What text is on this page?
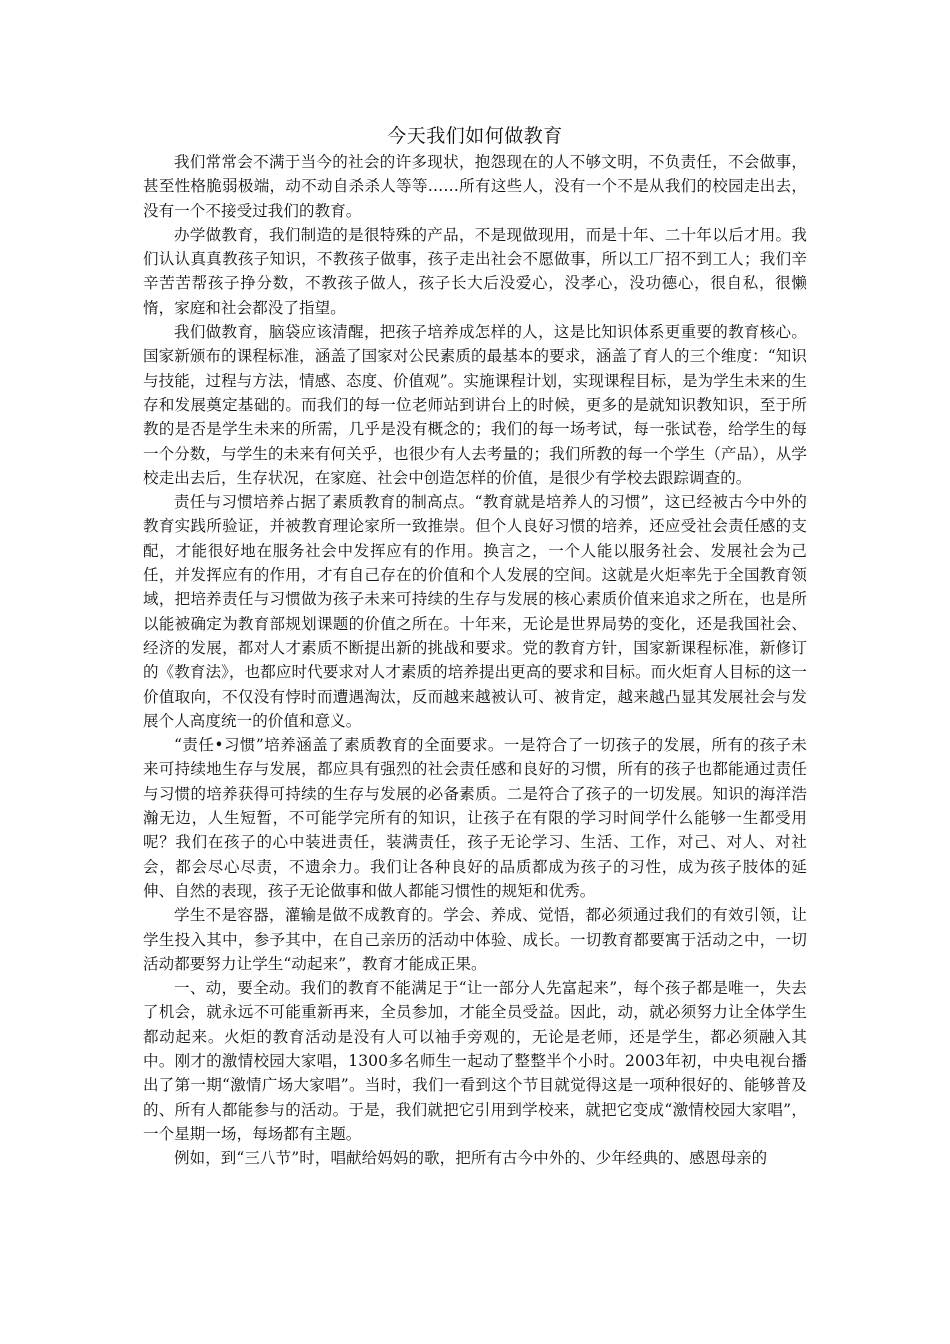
今天我们如何做教育

我们常常会不满于当今的社会的许多现状，抱怨现在的人不够文明，不负责任，不会做事，甚至性格脆弱极端，动不动自杀杀人等等……所有这些人，没有一个不是从我们的校园走出去，没有一个不接受过我们的教育。

办学做教育，我们制造的是很特殊的产品，不是现做现用，而是十年、二十年以后才用。我们认认真真教孩子知识，不教孩子做事，孩子走出社会不愿做事，所以工厂招不到工人；我们辛辛苦苦帮孩子挣分数，不教孩子做人，孩子长大后没爱心，没孝心，没功德心，很自私，很懒惰，家庭和社会都没了指望。

我们做教育，脑袋应该清醒，把孩子培养成怎样的人，这是比知识体系更重要的教育核心。国家新颁布的课程标准，涵盖了国家对公民素质的最基本的要求，涵盖了育人的三个维度：“知识与技能，过程与方法，情感、态度、价值观”。实施课程计划，实现课程目标，是为学生未来的生存和发展奠定基础的。而我们的每一位老师站到讲台上的时候，更多的是就知识教知识，至于所教的是否是学生未来的所需，几乎是没有概念的；我们的每一场考试，每一张试卷，给学生的每一个分数，与学生的未来有何关乎，也很少有人去考量的；我们所教的每一个学生（产品），从学校走出去后，生存状况，在家庭、社会中创造怎样的价值，是很少有学校去跟踪调查的。

责任与习惯培养占据了素质教育的制高点。“教育就是培养人的习惯”，这已经被古今中外的教育实践所验证，并被教育理论家所一致推崇。但个人良好习惯的培养，还应受社会责任感的支配，才能很好地在服务社会中发挥应有的作用。换言之，一个人能以服务社会、发展社会为己任，并发挥应有的作用，才有自己存在的价值和个人发展的空间。这就是火炬率先于全国教育领域，把培养责任与习惯做为孩子未来可持续的生存与发展的核心素质价值来追求之所在，也是所以能被确定为教育部规划课题的价值之所在。十年来，无论是世界局势的变化，还是我国社会、经济的发展，都对人才素质不断提出新的挑战和要求。党的教育方针，国家新课程标准，新修订的《教育法》，也都应时代要求对人才素质的培养提出更高的要求和目标。而火炬育人目标的这一价值取向，不仅没有悖时而遭遇淘汰，反而越来越被认可、被肯定，越来越凸显其发展社会与发展个人高度统一的价值和意义。

“责任•习惯”培养涵盖了素质教育的全面要求。一是符合了一切孩子的发展，所有的孩子未来可持续地生存与发展，都应具有强烈的社会责任感和良好的习惯，所有的孩子也都能通过责任与习惯的培养获得可持续的生存与发展的必备素质。二是符合了孩子的一切发展。知识的海洋浩瀚无边，人生短暂，不可能学完所有的知识，让孩子在有限的学习时间学什么能够一生都受用呢？我们在孩子的心中装进责任，装满责任，孩子无论学习、生活、工作，对己、对人、对社会，都会尽心尽责，不遗余力。我们让各种良好的品质都成为孩子的习性，成为孩子肢体的延伸、自然的表现，孩子无论做事和做人都能习惯性的规矩和优秀。

学生不是容器，灌输是做不成教育的。学会、养成、觉悟，都必须通过我们的有效引领，让学生投入其中，参予其中，在自己亲历的活动中体验、成长。一切教育都要寓于活动之中，一切活动都要努力让学生“动起来”，教育才能成正果。

一、动，要全动。我们的教育不能满足于“让一部分人先富起来”，每个孩子都是唯一，失去了机会，就永远不可能重新再来，全员参加，才能全员受益。因此，动，就必须努力让全体学生都动起来。火炬的教育活动是没有人可以袖手旁观的，无论是老师，还是学生，都必须融入其中。刚才的激情校园大家唱，1300多名师生一起动了整整半个小时。2003年初，中央电视台播出了第一期“激情广场大家唱”。当时，我们一看到这个节目就觉得这是一项种很好的、能够普及的、所有人都能参与的活动。于是，我们就把它引用到学校来，就把它变成“激情校园大家唱”，一个星期一场，每场都有主题。

例如，到“三八节”时，唱献给妈妈的歌，把所有古今中外的、少年经典的、感恩母亲的
